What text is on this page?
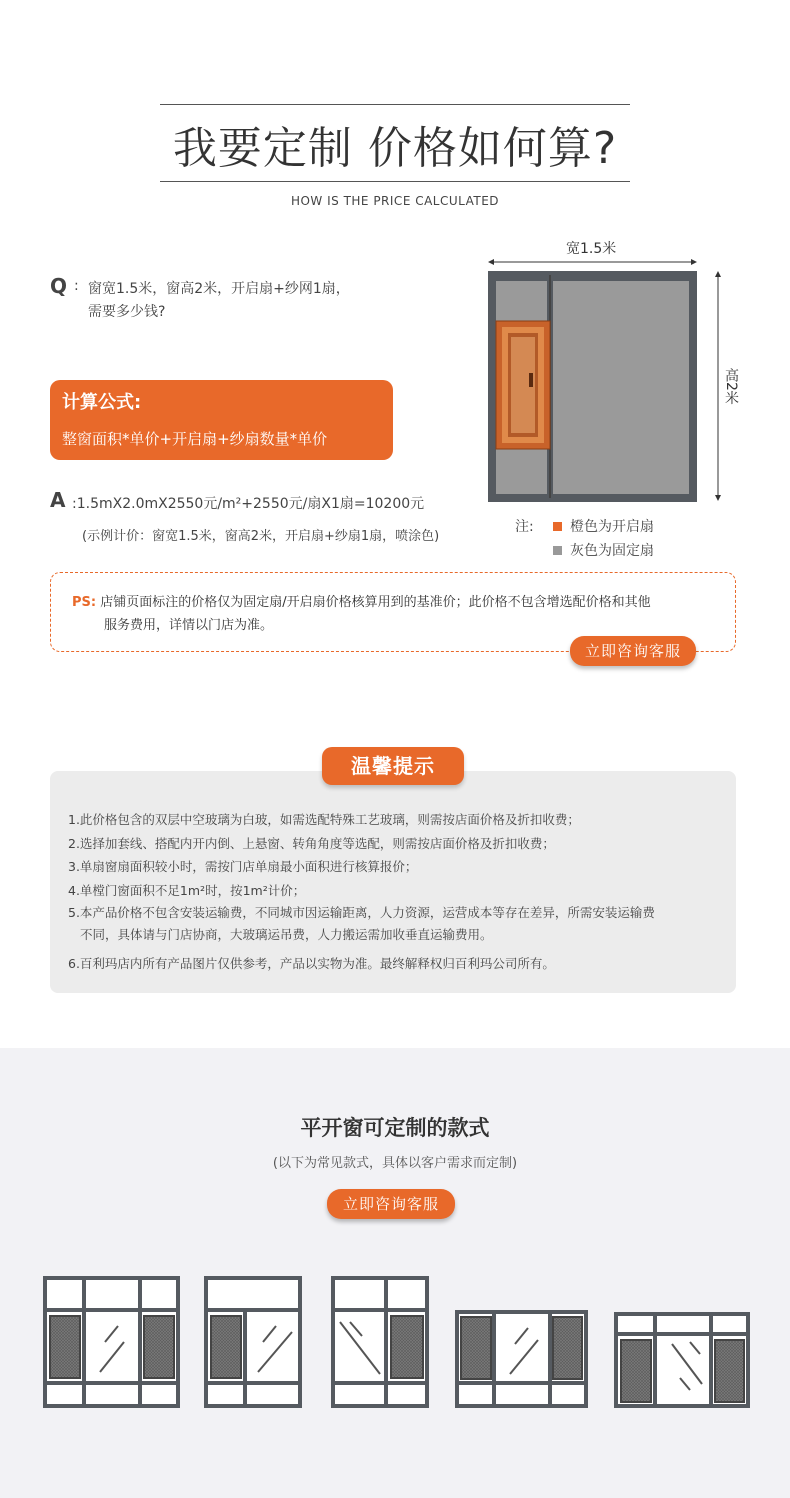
我要定制 价格如何算?
HOW IS THE PRICE CALCULATED
Q : 窗宽1.5米，窗高2米，开启扇+纱网1扇，
需要多少钱?
计算公式:
整窗面积*单价+开启扇+纱扇数量*单价
A :1.5mX2.0mX2550元/m²+2550元/扇X1扇=10200元
(示例计价：窗宽1.5米，窗高2米，开启扇+纱扇1扇，喷涂色)
宽1.5米
高2米
注:	橙色为开启扇
灰色为固定扇
PS: 店铺页面标注的价格仅为固定扇/开启扇价格核算用到的基准价；此价格不包含增选配价格和其他
服务费用，详情以门店为准。
立即咨询客服
温馨提示
1.此价格包含的双层中空玻璃为白玻，如需选配特殊工艺玻璃，则需按店面价格及折扣收费；
2.选择加套线、搭配内开内倒、上悬窗、转角角度等选配，则需按店面价格及折扣收费；
3.单扇窗扇面积较小时，需按门店单扇最小面积进行核算报价；
4.单樘门窗面积不足1m²时，按1m²计价；
5.本产品价格不包含安装运输费，不同城市因运输距离，人力资源，运营成本等存在差异，所需安装运输费
不同，具体请与门店协商，大玻璃运吊费，人力搬运需加收垂直运输费用。
6.百利玛店内所有产品图片仅供参考，产品以实物为准。最终解释权归百利玛公司所有。
平开窗可定制的款式
(以下为常见款式，具体以客户需求而定制)
立即咨询客服
